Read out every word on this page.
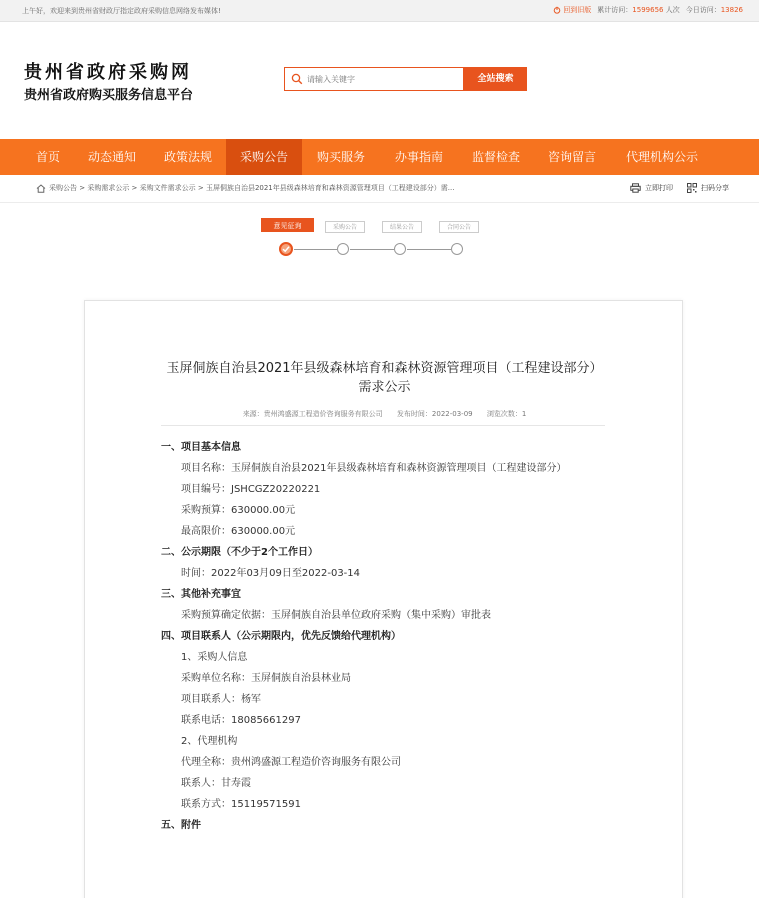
上午好，欢迎来到贵州省财政厅指定政府采购信息网络发布媒体!	回到旧版 累计访问：1599656 人次 今日访问：13826
贵州省政府采购网
贵州省政府购买服务信息平台
请输入关键字
全站搜索
首页	动态通知	政策法规	采购公告	购买服务	办事指南	监督检查	咨询留言	代理机构公示
采购公告 > 采购需求公示 > 采购文件需求公示 > 玉屏侗族自治县2021年县级森林培育和森林资源管理项目（工程建设部分）需...	立即打印	扫码分享
意见征询	采购公告	结果公告	合同公告
玉屏侗族自治县2021年县级森林培育和森林资源管理项目（工程建设部分）需求公示
来源：贵州鸿盛源工程造价咨询服务有限公司 发布时间：2022-03-09 浏览次数：1
一、项目基本信息
项目名称：玉屏侗族自治县2021年县级森林培育和森林资源管理项目（工程建设部分）
项目编号：JSHCGZ20220221
采购预算：630000.00元
最高限价：630000.00元
二、公示期限（不少于2个工作日）
时间：2022年03月09日至2022-03-14
三、其他补充事宜
采购预算确定依据：玉屏侗族自治县单位政府采购（集中采购）审批表
四、项目联系人（公示期限内，优先反馈给代理机构）
1、采购人信息
采购单位名称：玉屏侗族自治县林业局
项目联系人：杨军
联系电话：18085661297
2、代理机构
代理全称：贵州鸿盛源工程造价咨询服务有限公司
联系人：甘寿霞
联系方式：15119571591
五、附件
